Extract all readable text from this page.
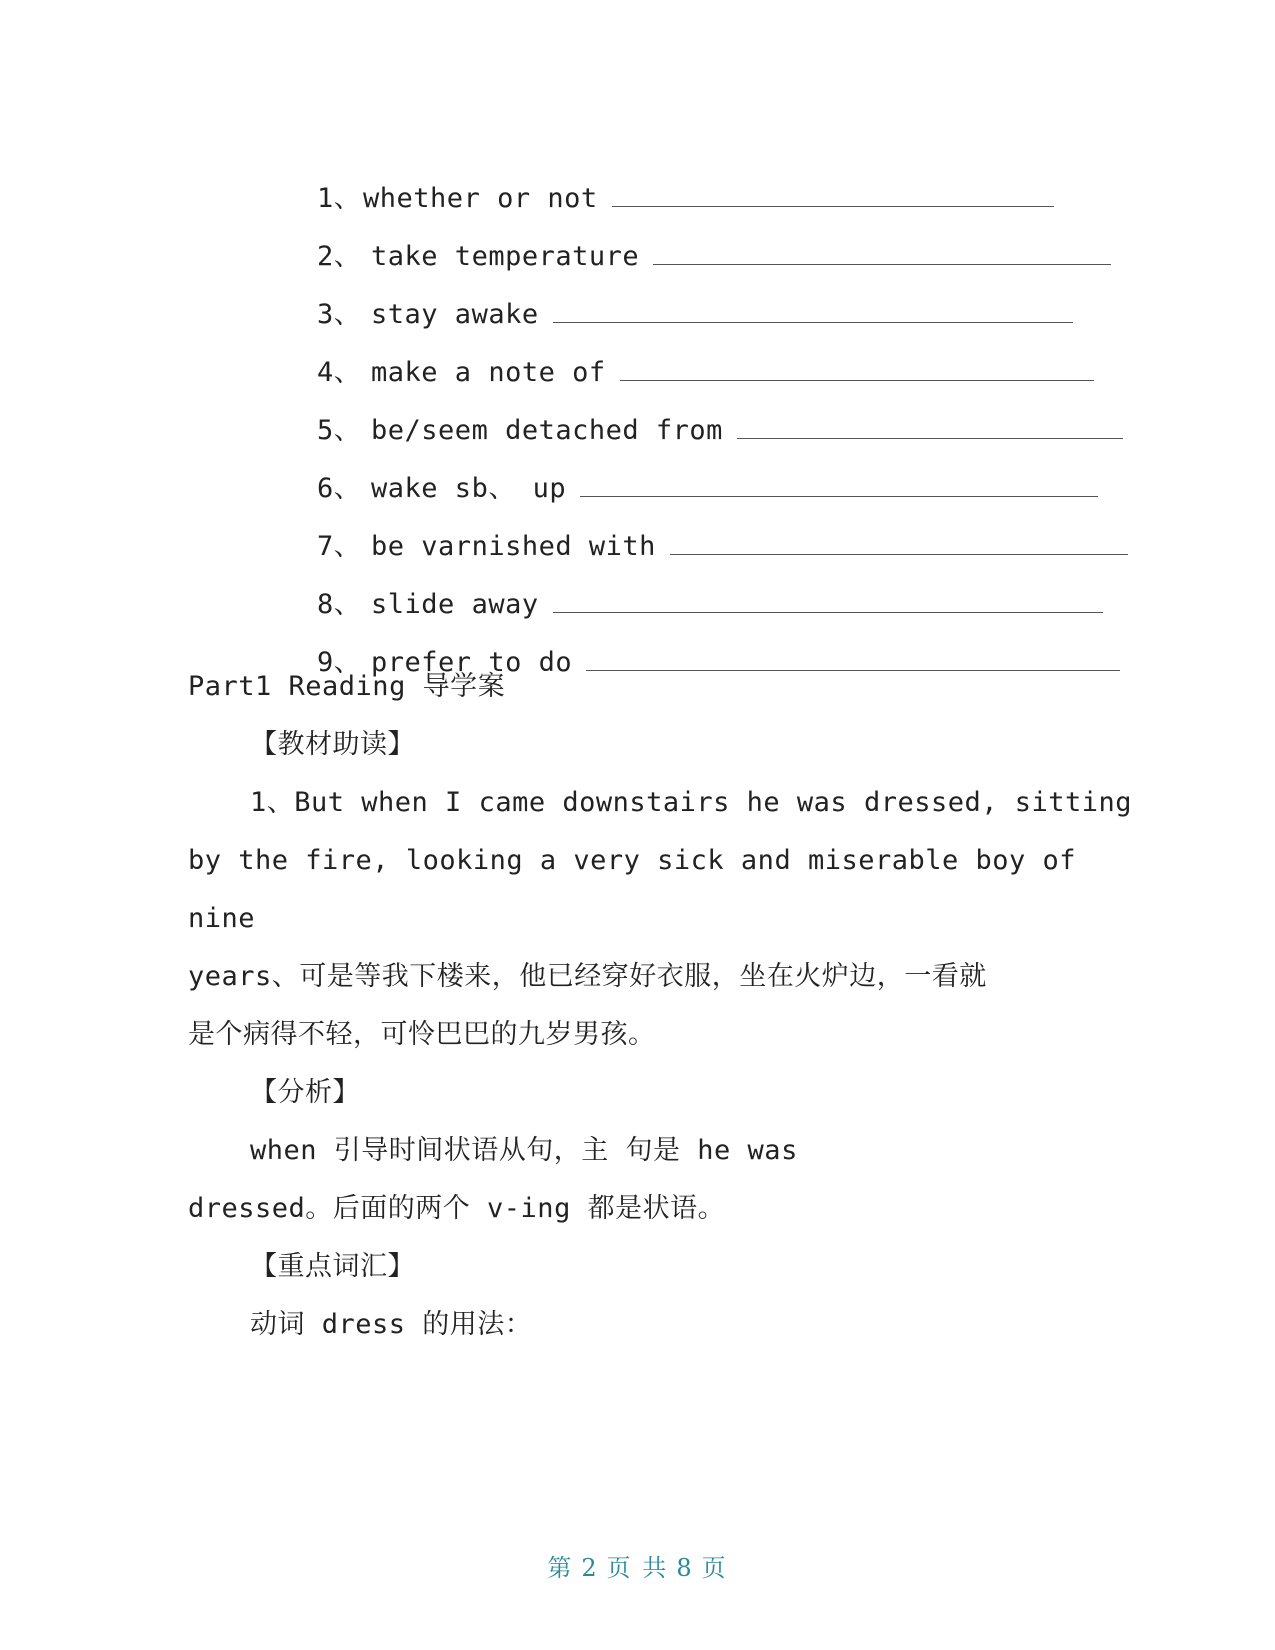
1、whether or not

2、 take temperature

3、 stay awake

4、 make a note of

5、 be/seem detached from

6、 wake sb、 up

7、 be varnished with

8、 slide away

9、 prefer to do

Part1 Reading 导学案
【教材助读】
1、But when I came downstairs he was dressed, sitting
by the fire, looking a very sick and miserable boy of
nine
years、可是等我下楼来，他已经穿好衣服，坐在火炉边，一看就
是个病得不轻，可怜巴巴的九岁男孩。
【分析】
when 引导时间状语从句，主 句是 he was
dressed。后面的两个 v-ing 都是状语。
【重点词汇】
动词 dress 的用法：
第 2 页 共 8 页
